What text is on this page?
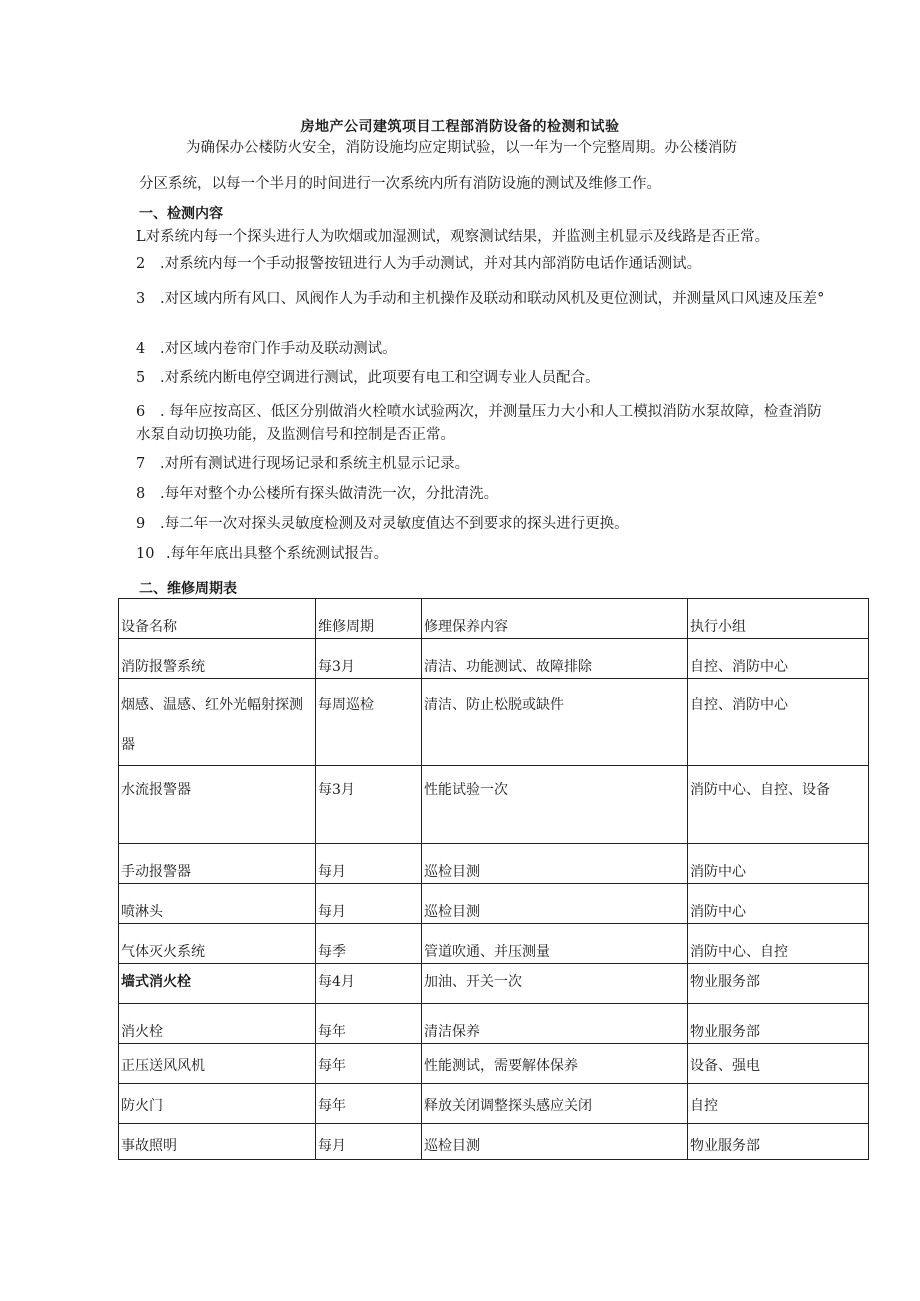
房地产公司建筑项目工程部消防设备的检测和试验
为确保办公楼防火安全，消防设施均应定期试验，以一年为一个完整周期。办公楼消防
分区系统，以每一个半月的时间进行一次系统内所有消防设施的测试及维修工作。
一、检测内容
L对系统内每一个探头进行人为吹烟或加湿测试，观察测试结果，并监测主机显示及线路是否正常。
2 .对系统内每一个手动报警按钮进行人为手动测试，并对其内部消防电话作通话测试。
3 .对区域内所有风口、风阀作人为手动和主机操作及联动和联动风机及更位测试，并测量风口风速及压差°
4 .对区域内卷帘门作手动及联动测试。
5 .对系统内断电停空调进行测试，此项要有电工和空调专业人员配合。
6 . 每年应按高区、低区分别做消火栓喷水试验两次，并测量压力大小和人工模拟消防水泵故障，检查消防水泵自动切换功能，及监测信号和控制是否正常。
7 .对所有测试进行现场记录和系统主机显示记录。
8 .每年对整个办公楼所有探头做清洗一次，分批清洗。
9 .每二年一次对探头灵敏度检测及对灵敏度值达不到要求的探头进行更换。
10 .每年年底出具整个系统测试报告。
二、维修周期表
设备名称	维修周期	修理保养内容	执行小组

消防报警系统	每3月	清洁、功能测试、故障排除	自控、消防中心

烟感、温感、红外光幅射探测器	每周巡检	清洁、防止松脱或缺件	自控、消防中心

水流报警器	每3月	性能试验一次	消防中心、自控、设备

手动报警器	每月	巡检目测	消防中心

喷淋头	每月	巡检目测	消防中心

气体灭火系统	每季	管道吹通、并压测量	消防中心、自控

墙式消火栓	每4月	加油、开关一次	物业服务部

消火栓	每年	清洁保养	物业服务部

正压送风风机	每年	性能测试，需要解体保养	设备、强电

防火门	每年	释放关闭调整探头感应关闭	自控

事故照明	每月	巡检目测	物业服务部
